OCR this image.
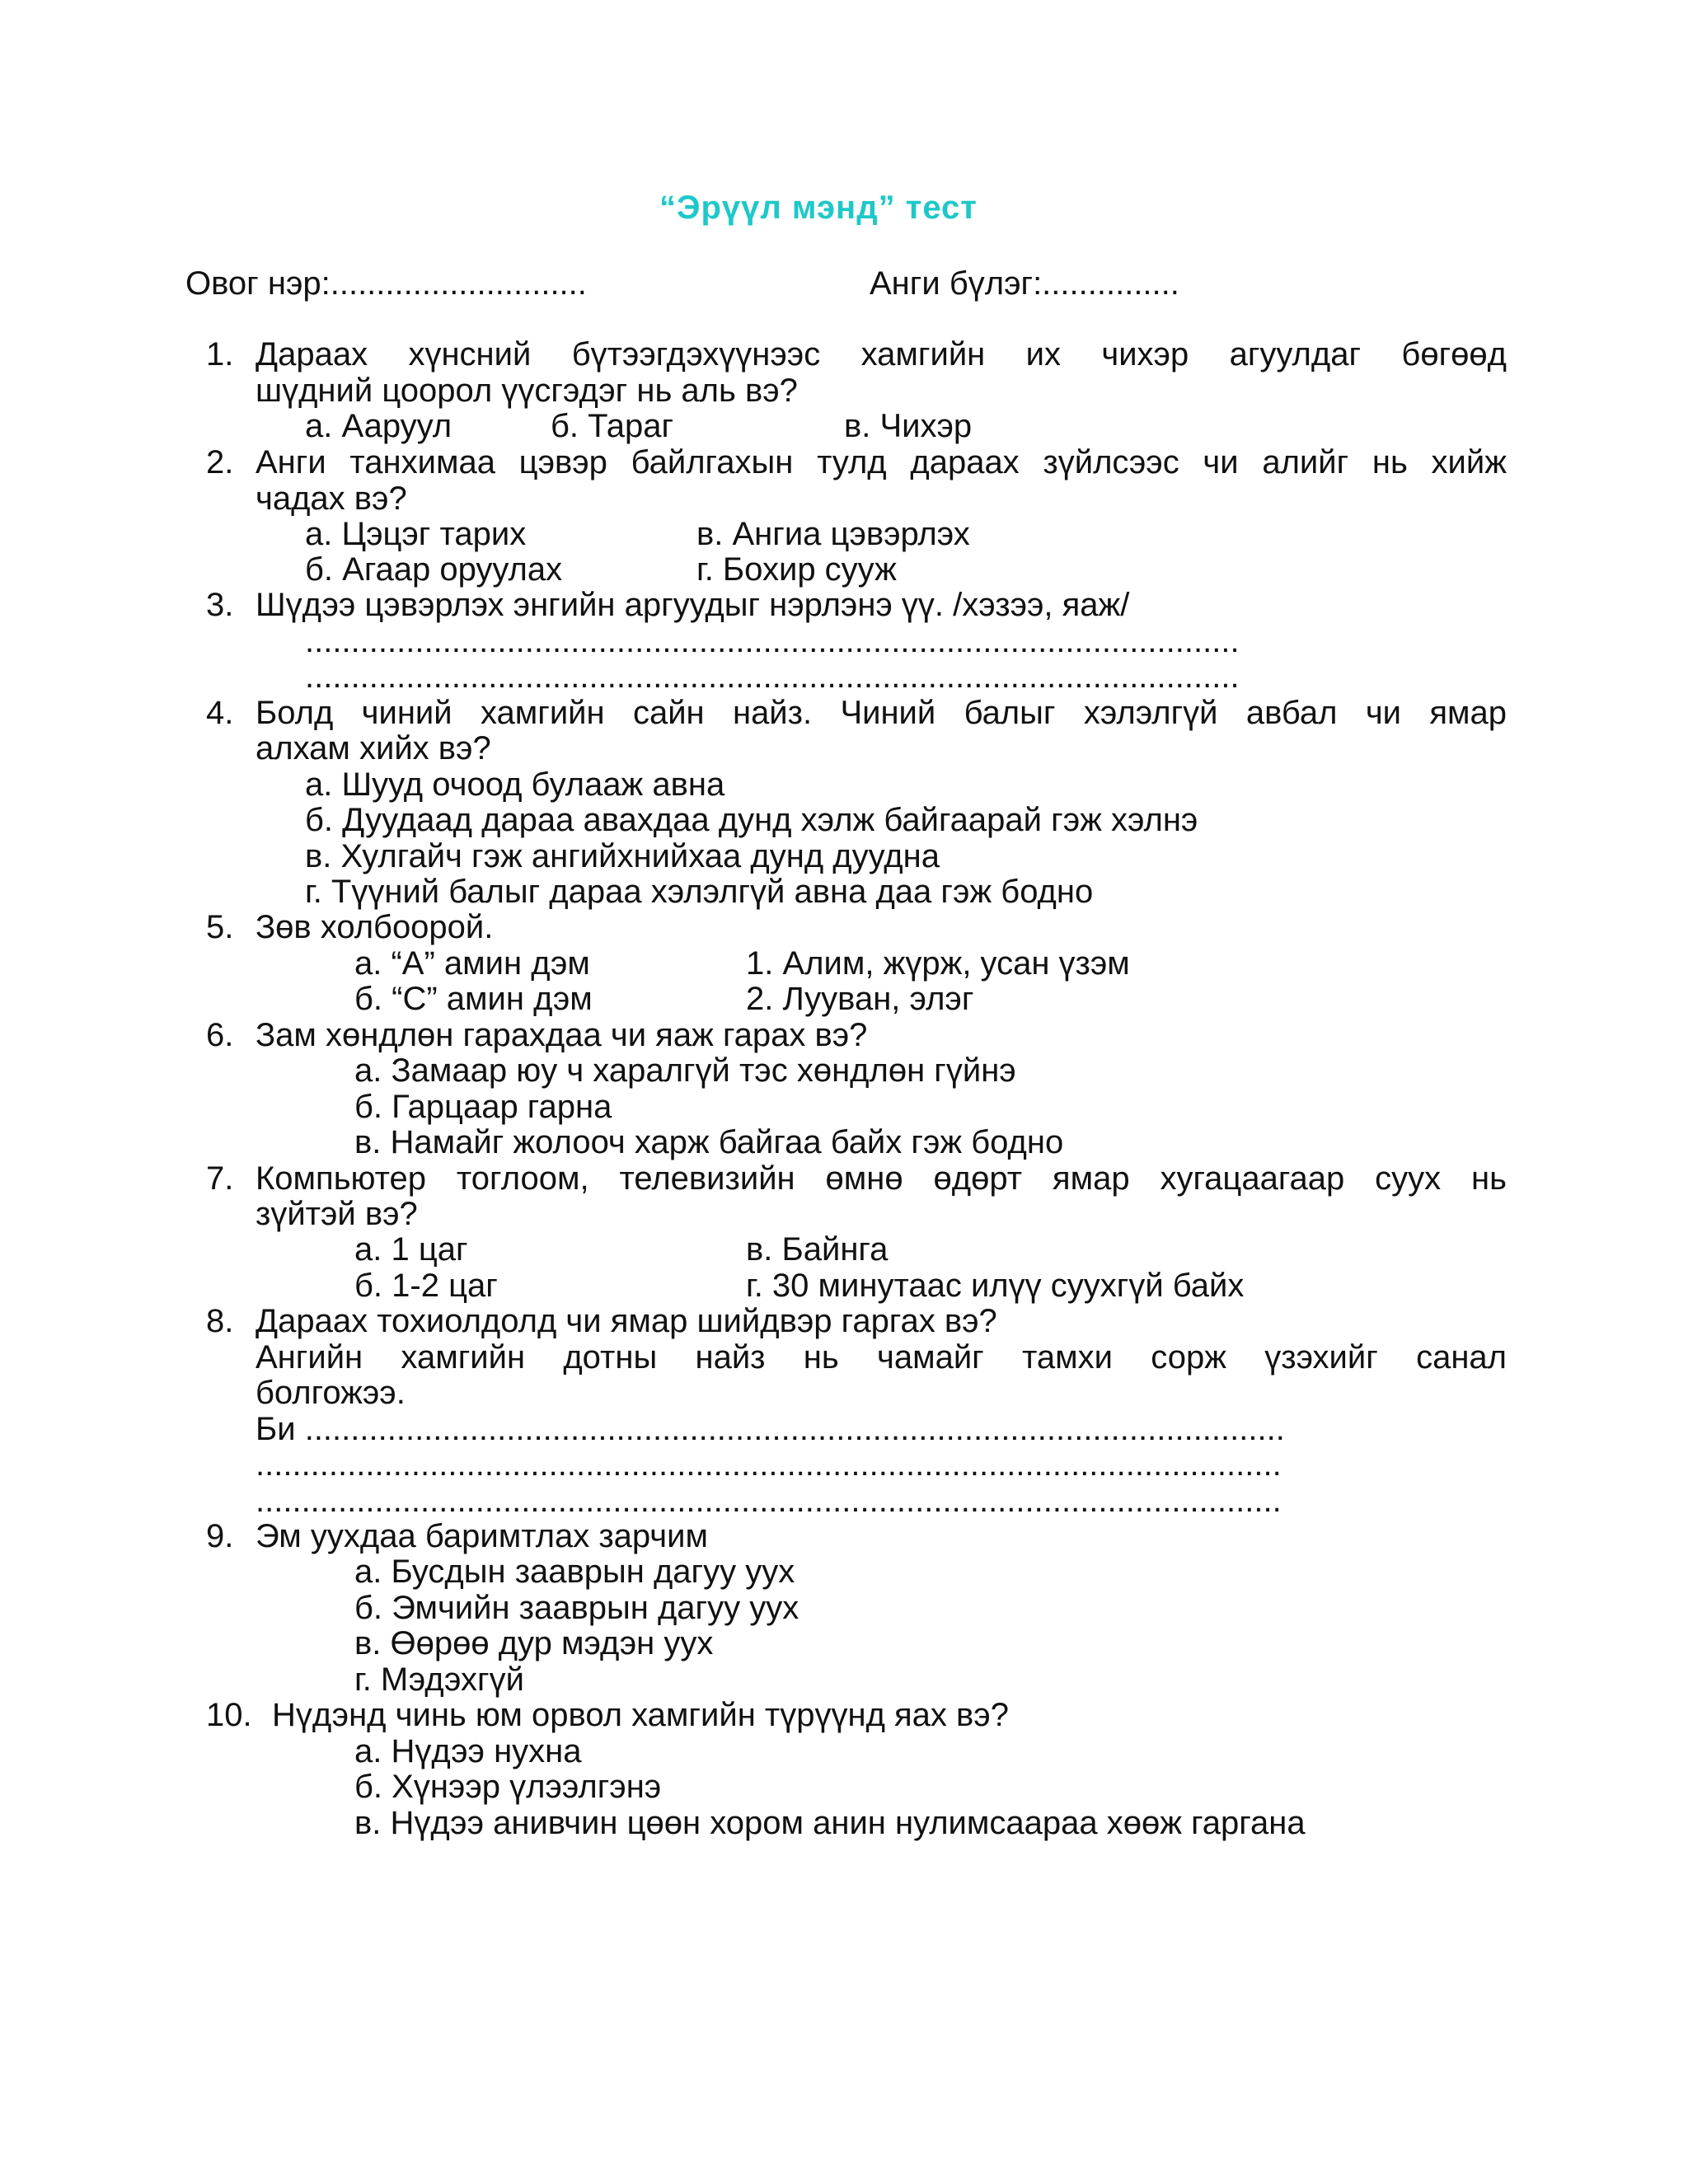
“Эрүүл мэнд” тест
Овог нэр:............................	Анги бүлэг:...............
1. Дараах хүнсний бүтээгдэхүүнээс хамгийн их чихэр агуулдаг бөгөөд
шүдний цоорол үүсгэдэг нь аль вэ?
а. Ааруул	б. Тараг	в. Чихэр
2. Анги танхимаа цэвэр байлгахын тулд дараах зүйлсээс чи алийг нь хийж
чадах вэ?
а. Цэцэг тарих	в. Ангиа цэвэрлэх
б. Агаар оруулах	г. Бохир сууж
3. Шүдээ цэвэрлэх энгийн аргуудыг нэрлэнэ үү. /хэзээ, яаж/
......................................................................................................
......................................................................................................
4. Болд чиний хамгийн сайн найз. Чиний балыг хэлэлгүй авбал чи ямар
алхам хийх вэ?
а. Шууд очоод булааж авна
б. Дуудаад дараа авахдаа дунд хэлж байгаарай гэж хэлнэ
в. Хулгайч гэж ангийхнийхаа дунд дуудна
г. Түүний балыг дараа хэлэлгүй авна даа гэж бодно
5. Зөв холбоорой.
а. “А” амин дэм	1. Алим, жүрж, усан үзэм
б. “С” амин дэм	2. Лууван, элэг
6. Зам хөндлөн гарахдаа чи яаж гарах вэ?
а. Замаар юу ч харалгүй тэс хөндлөн гүйнэ
б. Гарцаар гарна
в. Намайг жолооч харж байгаа байх гэж бодно
7. Компьютер тоглоом, телевизийн өмнө өдөрт ямар хугацаагаар суух нь
зүйтэй вэ?
а. 1 цаг	в. Байнга
б. 1-2 цаг	г. 30 минутаас илүү суухгүй байх
8. Дараах тохиолдолд чи ямар шийдвэр гаргах вэ?
Ангийн хамгийн дотны найз нь чамайг тамхи сорж үзэхийг санал
болгожээ.
Би ...........................................................................................................
................................................................................................................
................................................................................................................
9. Эм уухдаа баримтлах зарчим
а. Бусдын зааврын дагуу уух
б. Эмчийн зааврын дагуу уух
в. Өөрөө дур мэдэн уух
г. Мэдэхгүй
10. Нүдэнд чинь юм орвол хамгийн түрүүнд яах вэ?
а. Нүдээ нухна
б. Хүнээр үлээлгэнэ
в. Нүдээ анивчин цөөн хором анин нулимсаараа хөөж гаргана
